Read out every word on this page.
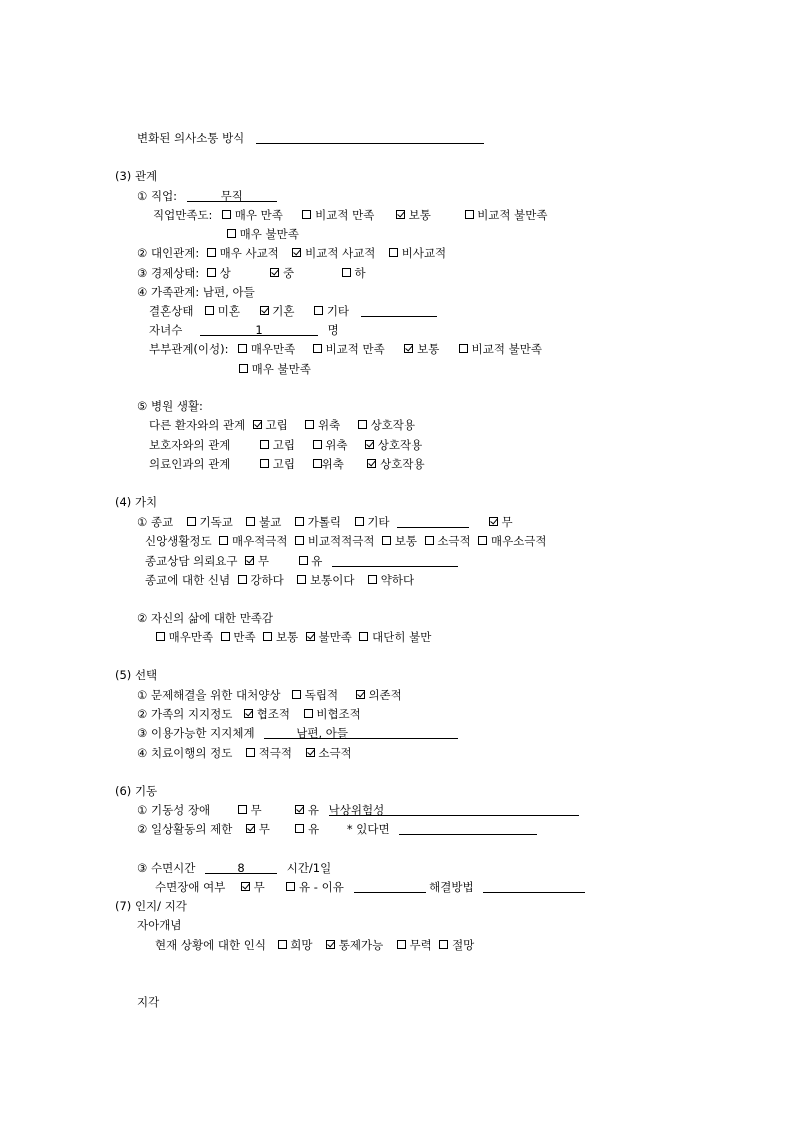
변화된 의사소통 방식
(3) 관계
① 직업:	무직
직업만족도: 매우 만족	비교적 만족	보통	비교적 불만족
매우 불만족
② 대인관계: 매우 사교적 비교적 사교적 비사교적
③ 경제상태: 상	중	하
④ 가족관계: 남편, 아들
결혼상태 미혼	기혼	기타
자녀수	1	명
부부관계(이성): 매우만족	비교적 만족	보통	비교적 불만족
매우 불만족
⑤ 병원 생활:
다른 환자와의 관계 고립	위축	상호작용
보호자와의 관계	고립	위축	상호작용
의료인과의 관계	고립 위축	상호작용
(4) 가치
① 종교 기독교 불교 가톨릭 기타	무
신앙생활정도 매우적극적 비교적적극적 보통 소극적 매우소극적
종교상담 의뢰요구 무	유
종교에 대한 신념 강하다 보통이다 약하다
② 자신의 삶에 대한 만족감
매우만족 만족 보통 불만족 대단히 불만
(5) 선택
① 문제해결을 위한 대처양상 독립적	의존적
② 가족의 지지정도 협조적 비협조적
③ 이용가능한 지지체계	남편, 아들
④ 치료이행의 정도 적극적 소극적
(6) 기동
① 기동성 장애	무	유 낙상위험성
② 일상활동의 제한 무	유 * 있다면
③ 수면시간	8	시간/1일
수면장애 여부 무	유 - 이유	해결방법
(7) 인지/ 지각
자아개념
현재 상황에 대한 인식 희망 통제가능 무력 절망
지각
